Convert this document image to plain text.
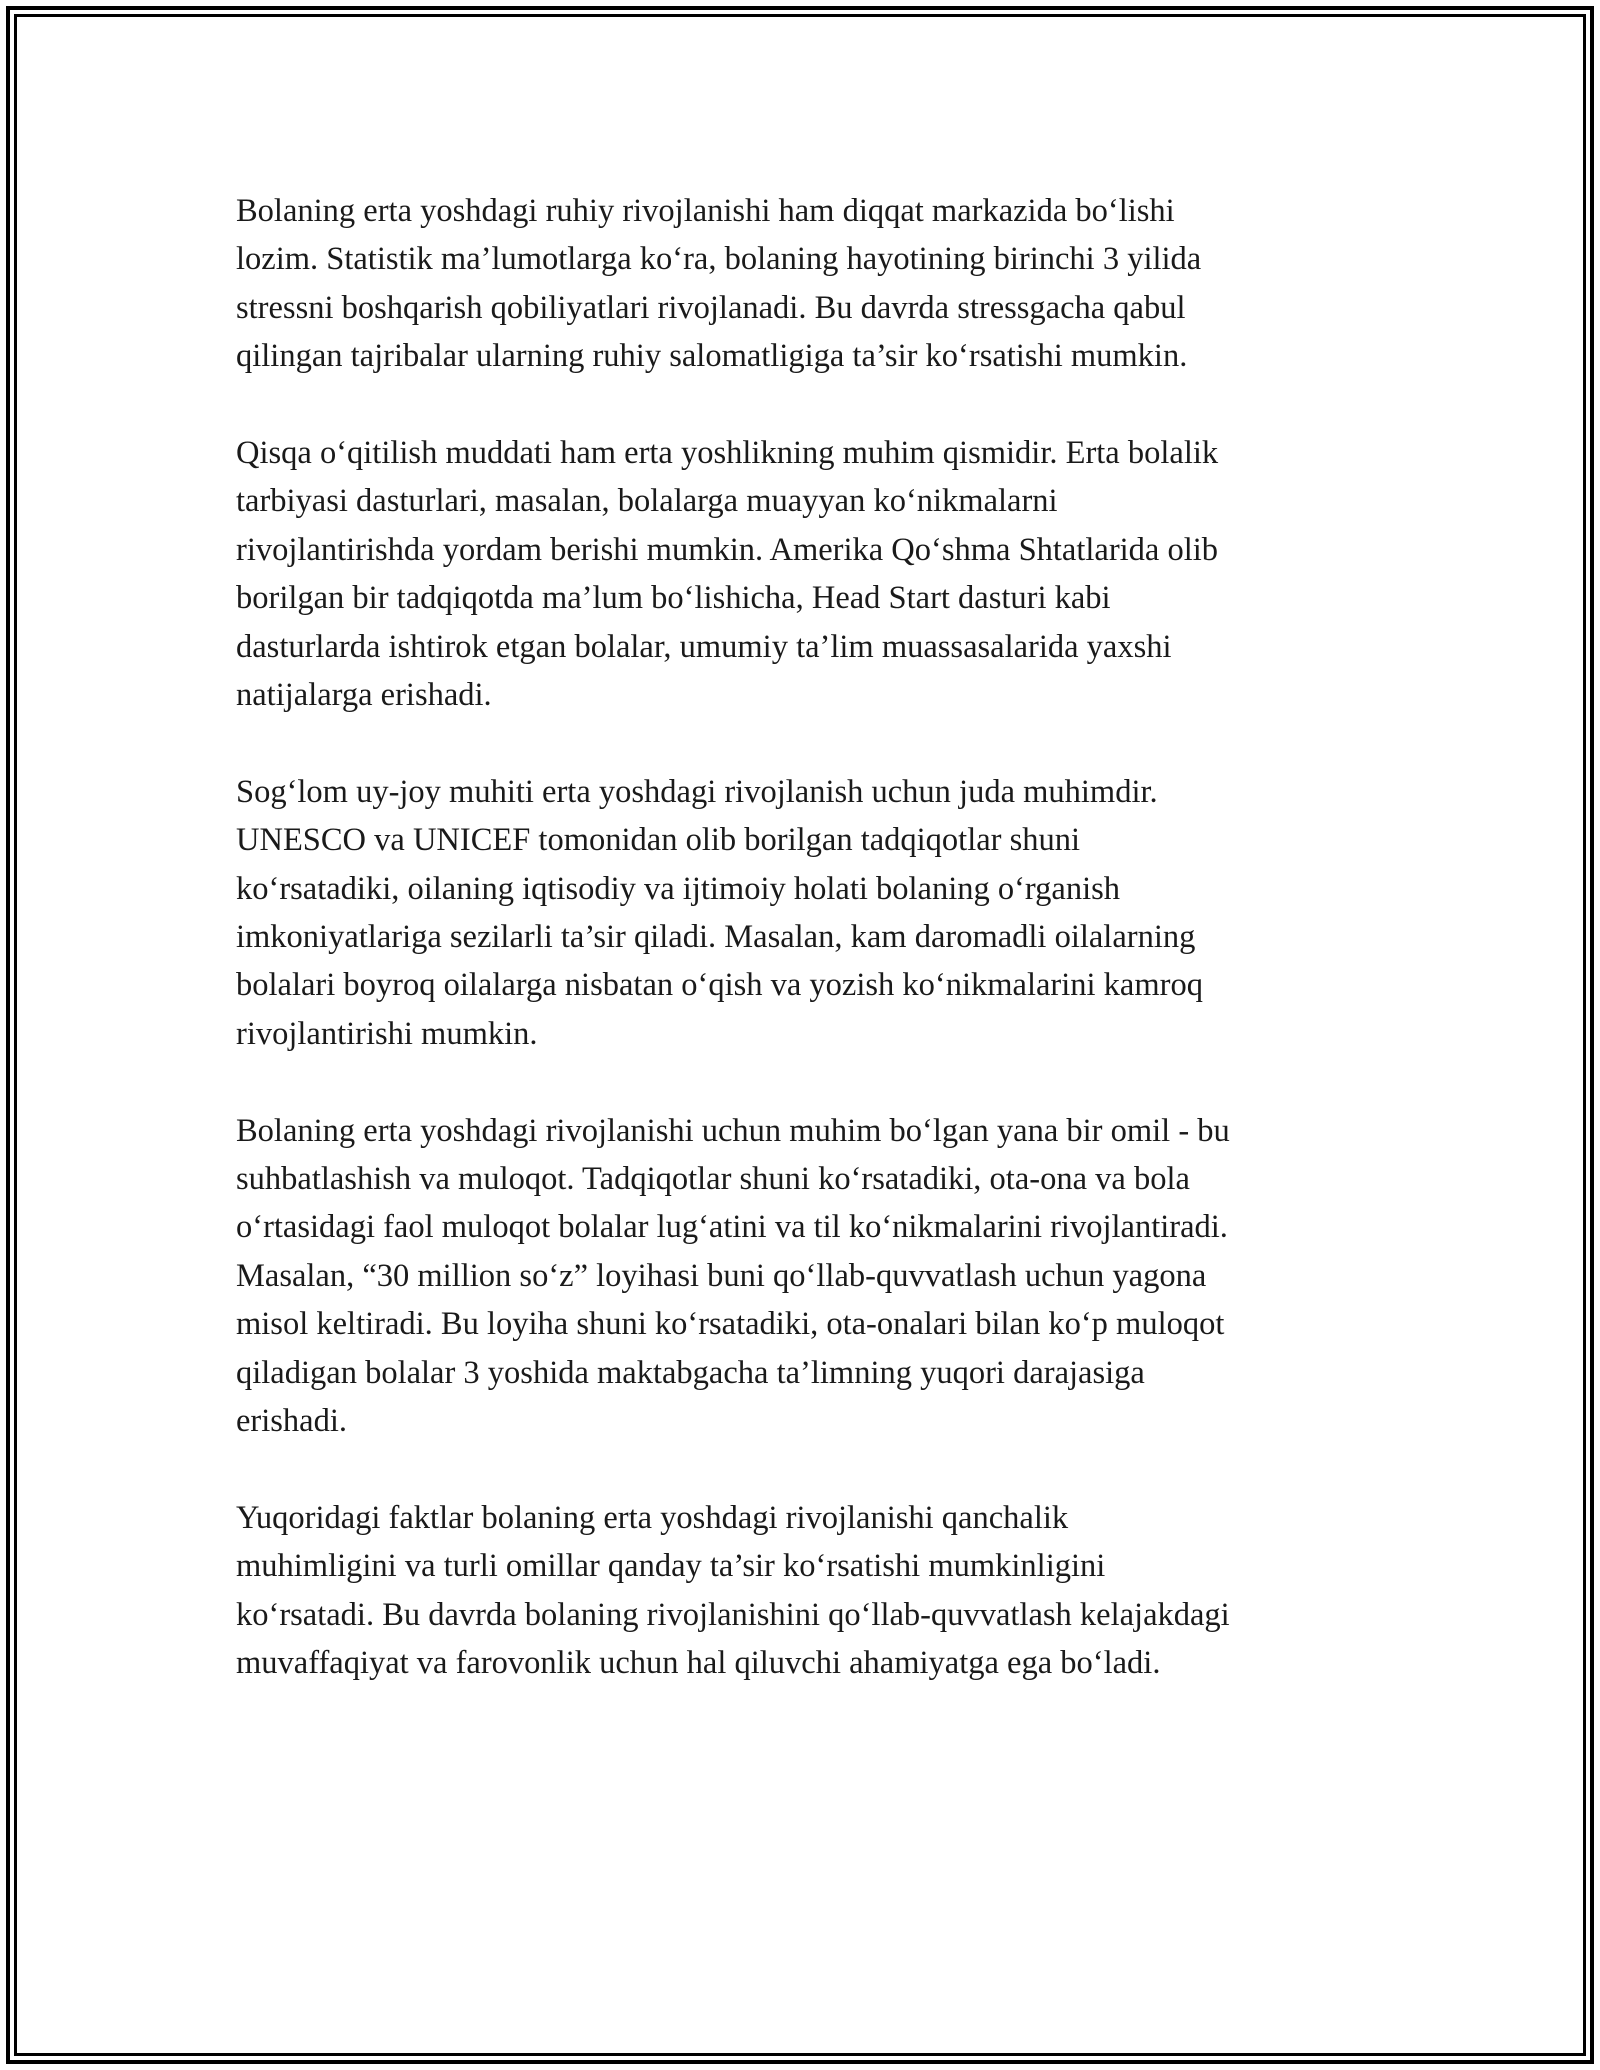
Bolaning erta yoshdagi ruhiy rivojlanishi ham diqqat markazida bo‘lishi
lozim. Statistik ma’lumotlarga ko‘ra, bolaning hayotining birinchi 3 yilida
stressni boshqarish qobiliyatlari rivojlanadi. Bu davrda stressgacha qabul
qilingan tajribalar ularning ruhiy salomatligiga ta’sir ko‘rsatishi mumkin.

Qisqa o‘qitilish muddati ham erta yoshlikning muhim qismidir. Erta bolalik
tarbiyasi dasturlari, masalan, bolalarga muayyan ko‘nikmalarni
rivojlantirishda yordam berishi mumkin. Amerika Qo‘shma Shtatlarida olib
borilgan bir tadqiqotda ma’lum bo‘lishicha, Head Start dasturi kabi
dasturlarda ishtirok etgan bolalar, umumiy ta’lim muassasalarida yaxshi
natijalarga erishadi.

Sog‘lom uy-joy muhiti erta yoshdagi rivojlanish uchun juda muhimdir.
UNESCO va UNICEF tomonidan olib borilgan tadqiqotlar shuni
ko‘rsatadiki, oilaning iqtisodiy va ijtimoiy holati bolaning o‘rganish
imkoniyatlariga sezilarli ta’sir qiladi. Masalan, kam daromadli oilalarning
bolalari boyroq oilalarga nisbatan o‘qish va yozish ko‘nikmalarini kamroq
rivojlantirishi mumkin.

Bolaning erta yoshdagi rivojlanishi uchun muhim bo‘lgan yana bir omil - bu
suhbatlashish va muloqot. Tadqiqotlar shuni ko‘rsatadiki, ota-ona va bola
o‘rtasidagi faol muloqot bolalar lug‘atini va til ko‘nikmalarini rivojlantiradi.
Masalan, “30 million so‘z” loyihasi buni qo‘llab-quvvatlash uchun yagona
misol keltiradi. Bu loyiha shuni ko‘rsatadiki, ota-onalari bilan ko‘p muloqot
qiladigan bolalar 3 yoshida maktabgacha ta’limning yuqori darajasiga
erishadi.

Yuqoridagi faktlar bolaning erta yoshdagi rivojlanishi qanchalik
muhimligini va turli omillar qanday ta’sir ko‘rsatishi mumkinligini
ko‘rsatadi. Bu davrda bolaning rivojlanishini qo‘llab-quvvatlash kelajakdagi
muvaffaqiyat va farovonlik uchun hal qiluvchi ahamiyatga ega bo‘ladi.
